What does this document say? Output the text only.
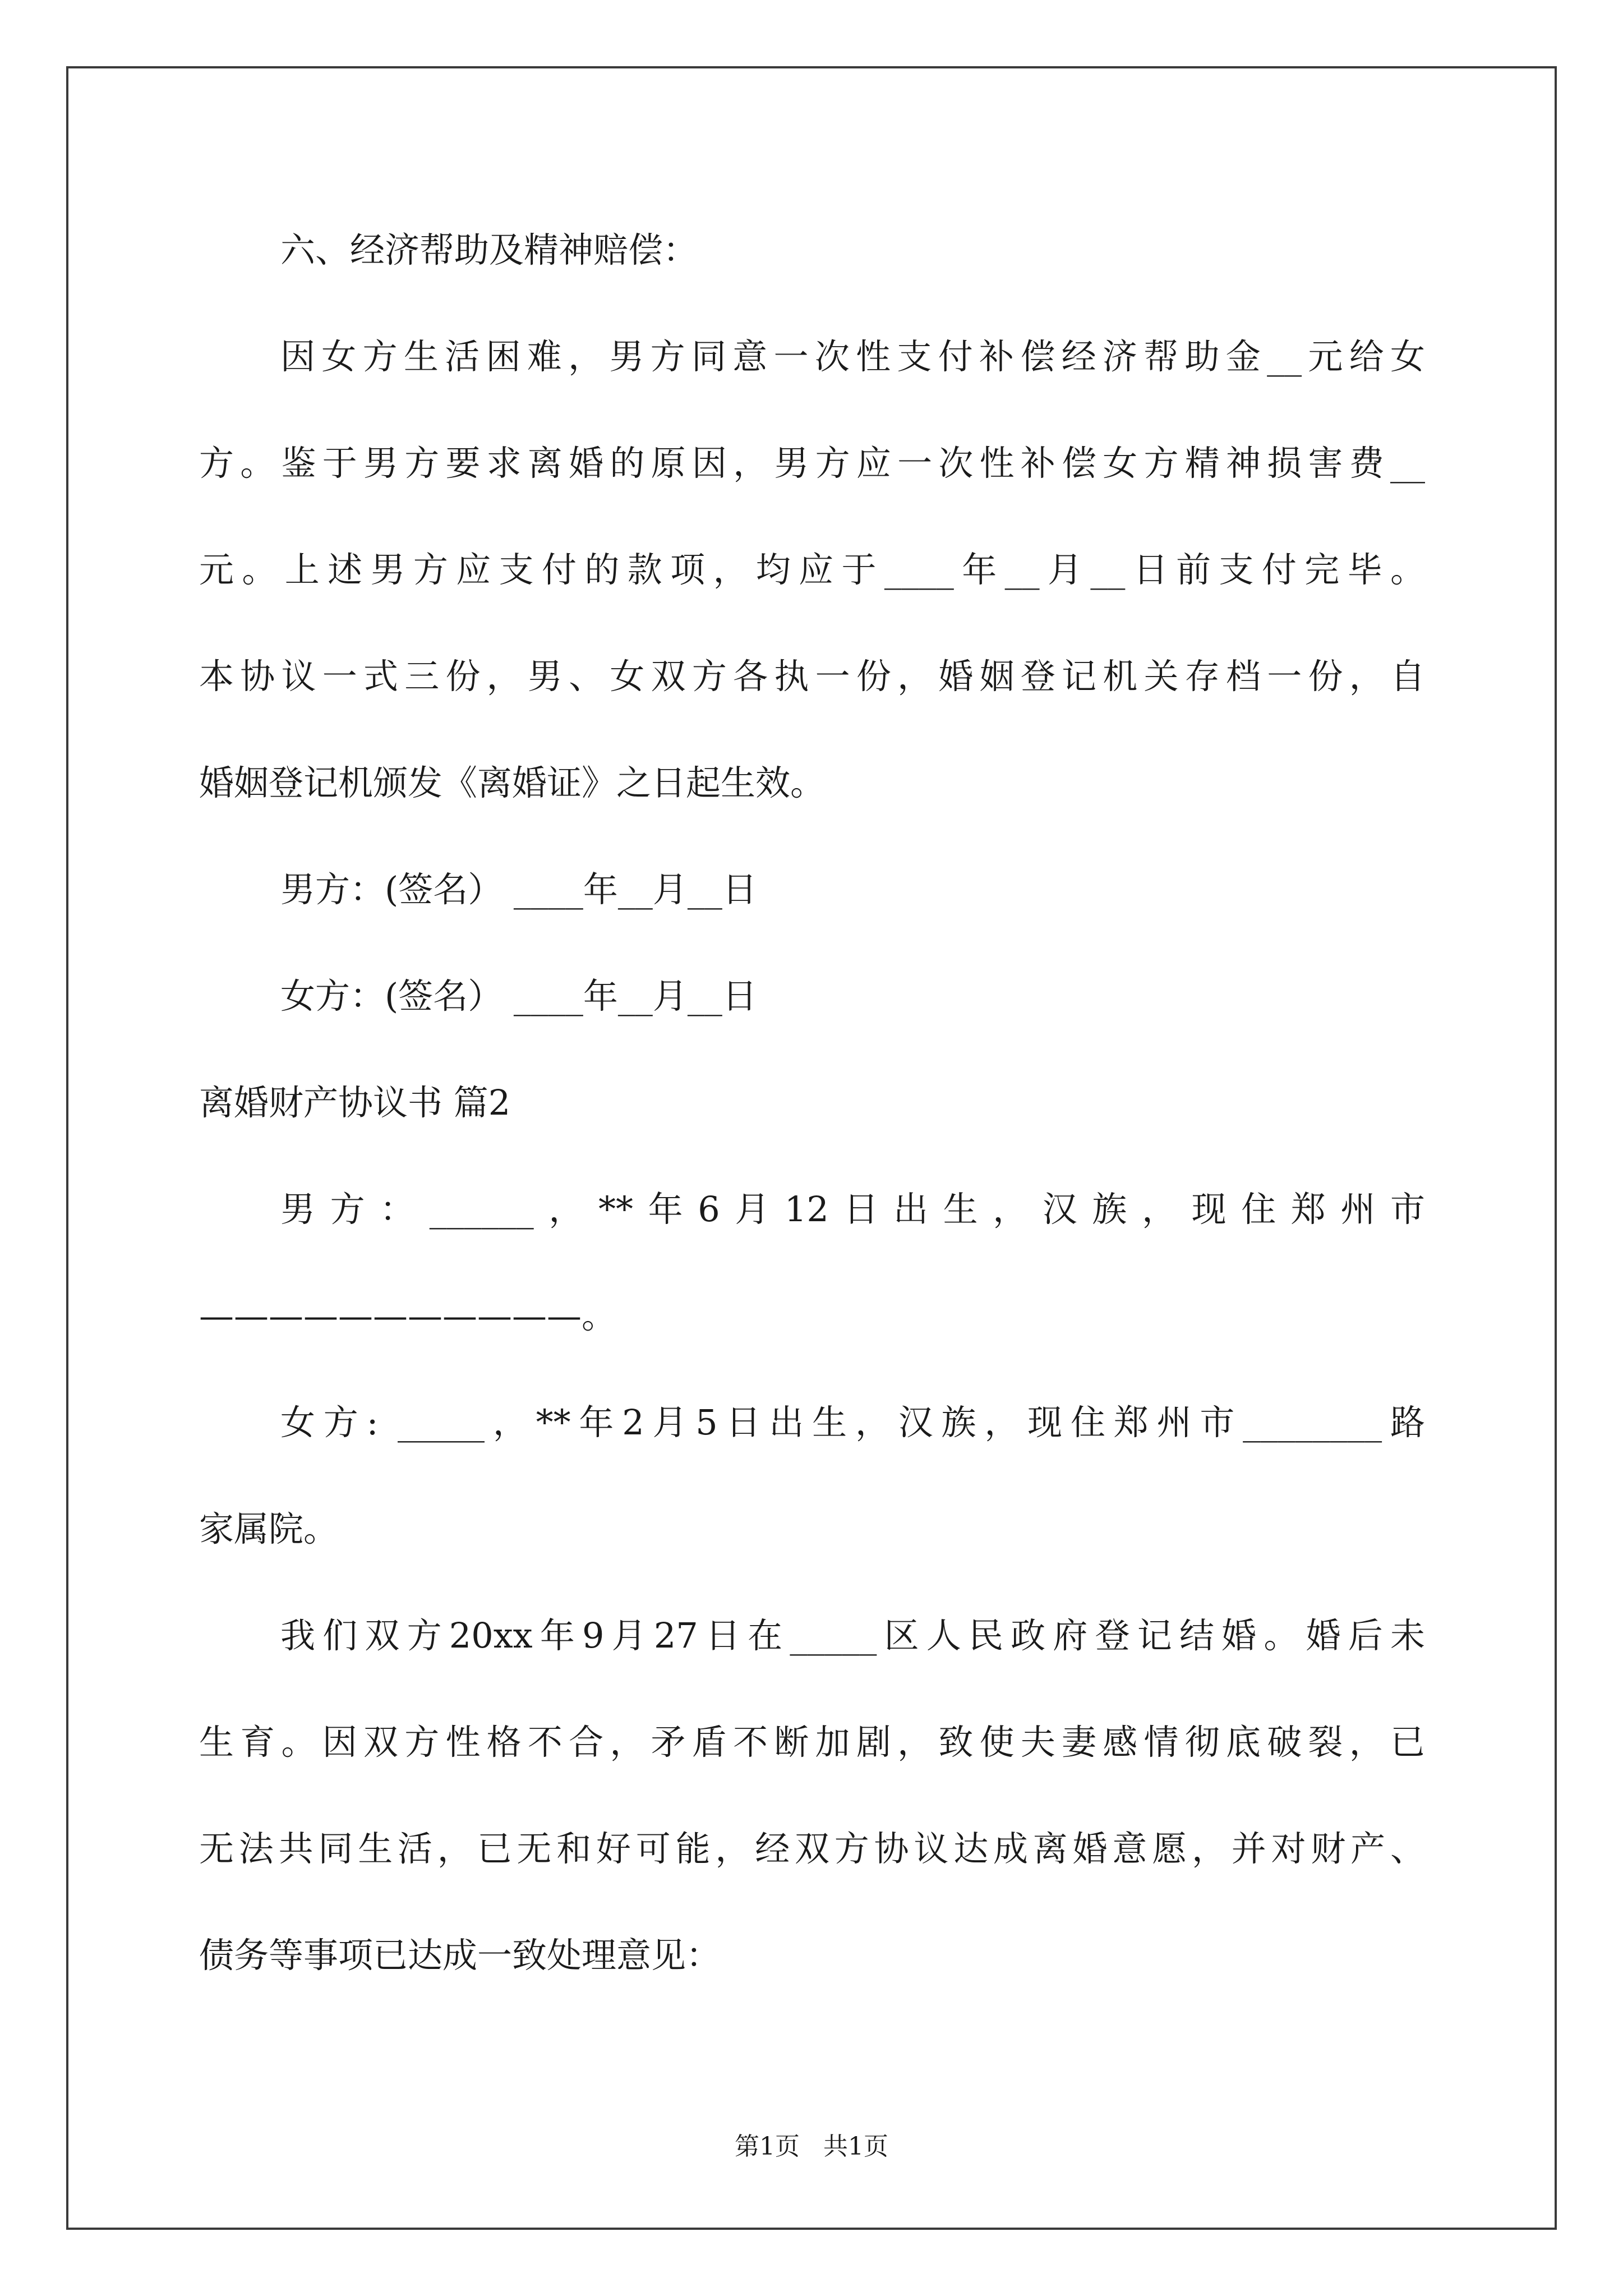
六、经济帮助及精神赔偿：
因女方生活困难，男方同意一次性支付补偿经济帮助金__元给女
方。鉴于男方要求离婚的原因，男方应一次性补偿女方精神损害费__
元。上述男方应支付的款项，均应于____年__月__日前支付完毕。
本协议一式三份，男、女双方各执一份，婚姻登记机关存档一份，自
婚姻登记机颁发《离婚证》之日起生效。
男方：(签名） ____年__月__日
女方：(签名） ____年__月__日
离婚财产协议书 篇2
男方：______，**年6月12日出生，汉族，现住郑州市
———————————。
女方: _____，**年2月5日出生，汉族，现住郑州市________路
家属院。
我们双方20xx年9月27日在_____区人民政府登记结婚。婚后未
生育。因双方性格不合，矛盾不断加剧，致使夫妻感情彻底破裂，已
无法共同生活，已无和好可能，经双方协议达成离婚意愿，并对财产、
债务等事项已达成一致处理意见：
第1页   共1页
